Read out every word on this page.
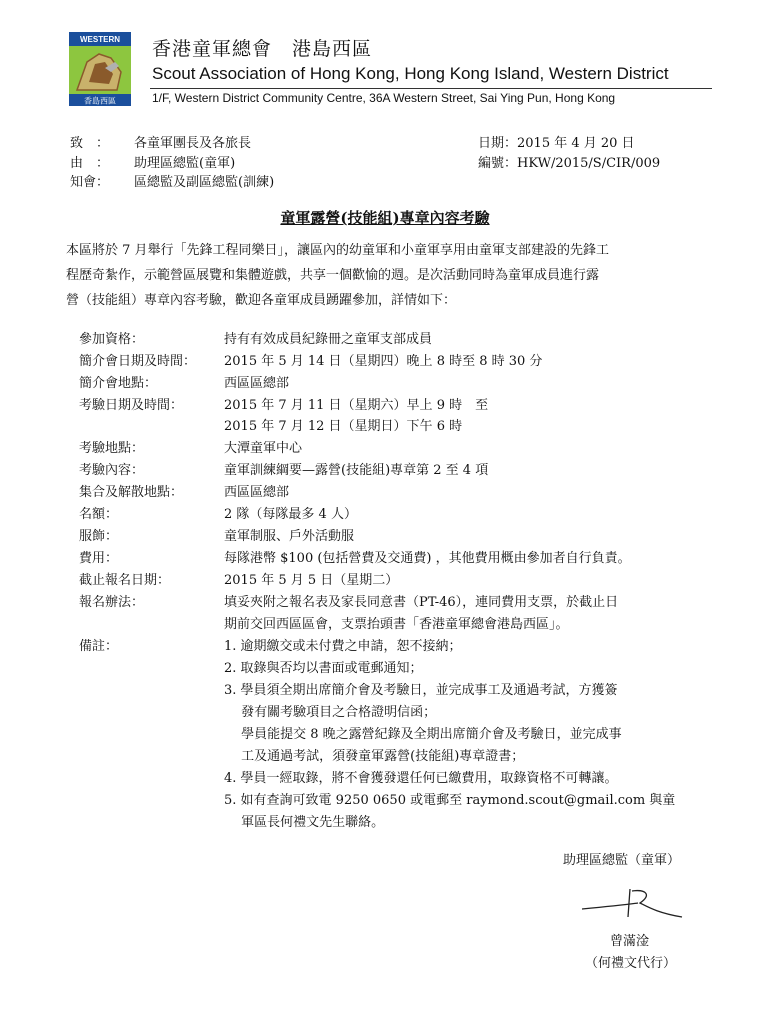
WESTERN
香島西區
香港童軍總會　港島西區
Scout Association of Hong Kong, Hong Kong Island, Western District
1/F, Western District Community Centre, 36A Western Street, Sai Ying Pun, Hong Kong
致　： 各童軍團長及各旅長
由　： 助理區總監(童軍)
知會： 區總監及副區總監(訓練)
日期：2015 年 4 月 20 日
編號：HKW/2015/S/CIR/009
童軍露營(技能組)專章內容考驗
本區將於 7 月舉行「先鋒工程同樂日」，讓區內的幼童軍和小童軍享用由童軍支部建設的先鋒工
程歷奇紮作，示範營區展覽和集體遊戲，共享一個歡愉的週。是次活動同時為童軍成員進行露
營（技能組）專章內容考驗，歡迎各童軍成員踴躍參加，詳情如下：
參加資格：	持有有效成員紀錄冊之童軍支部成員
簡介會日期及時間： 2015 年 5 月 14 日（星期四）晚上 8 時至 8 時 30 分
簡介會地點：	西區區總部
考驗日期及時間：	2015 年 7 月 11 日（星期六）早上 9 時　至
2015 年 7 月 12 日（星期日）下午 6 時
考驗地點：	大潭童軍中心
考驗內容：	童軍訓練綱要—露營(技能組)專章第 2 至 4 項
集合及解散地點：	西區區總部
名額：	2 隊（每隊最多 4 人）
服飾：	童軍制服、戶外活動服
費用：	每隊港幣 $100 (包括營費及交通費) ，其他費用概由參加者自行負責。
截止報名日期：	2015 年 5 月 5 日（星期二）
報名辦法：	填妥夾附之報名表及家長同意書（PT-46），連同費用支票，於截止日
期前交回西區區會，支票抬頭書「香港童軍總會港島西區」。
備註：	1. 逾期繳交或未付費之申請，恕不接納；
2. 取錄與否均以書面或電郵通知；
3. 學員須全期出席簡介會及考驗日，並完成事工及通過考試，方獲簽
　 發有關考驗項目之合格證明信函；
　 學員能提交 8 晚之露營紀錄及全期出席簡介會及考驗日，並完成事
　 工及通過考試，須發童軍露營(技能組)專章證書；
4. 學員一經取錄，將不會獲發還任何已繳費用，取錄資格不可轉讓。
5. 如有查詢可致電 9250 0650 或電郵至 raymond.scout@gmail.com 與童
　 軍區長何禮文先生聯絡。
助理區總監（童軍）
曾滿淦
（何禮文代行）
